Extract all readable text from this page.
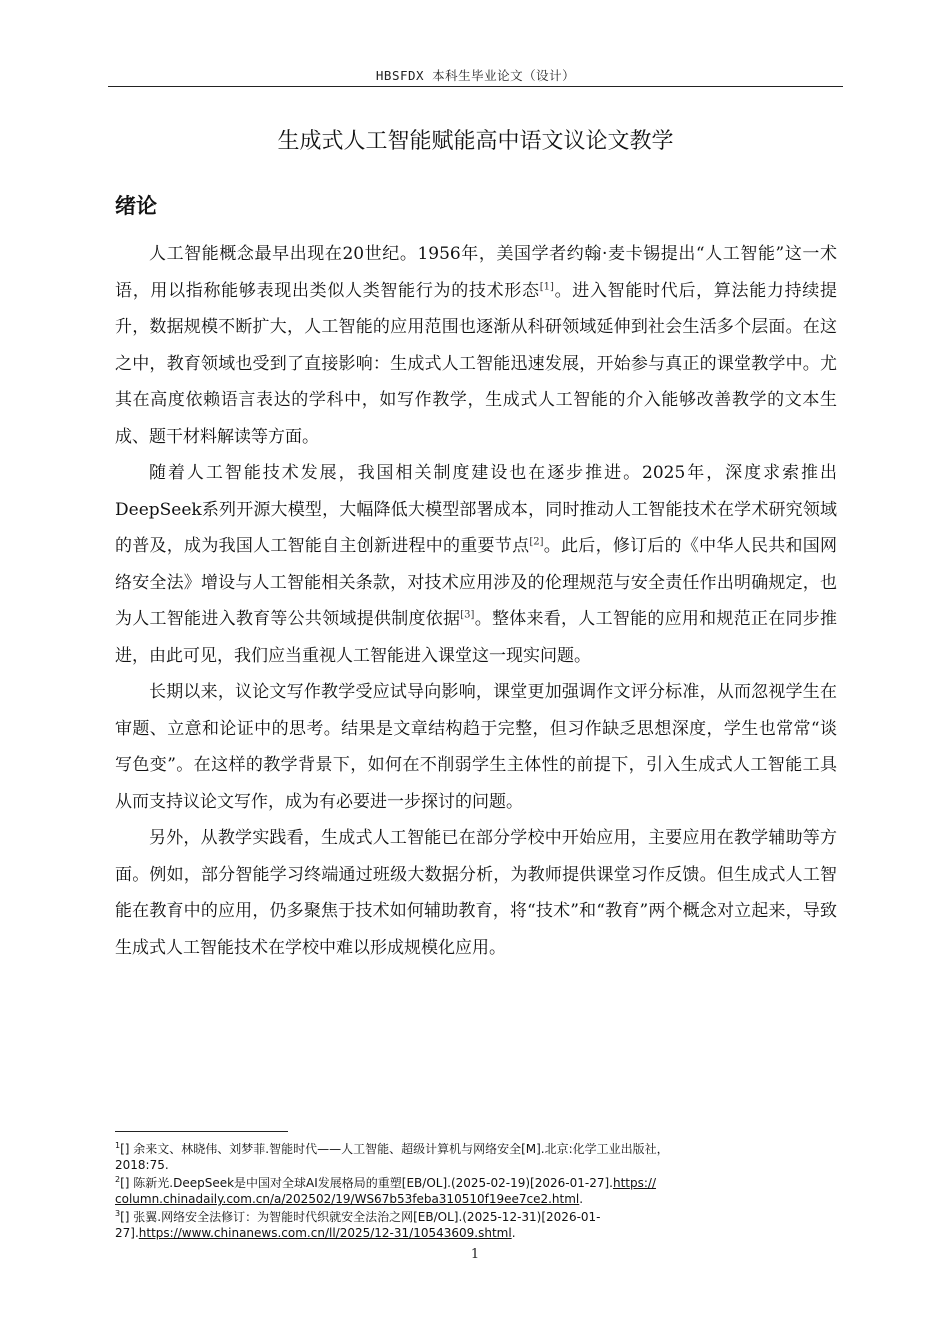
HBSFDX 本科生毕业论文（设计）
生成式人工智能赋能高中语文议论文教学
绪论

人工智能概念最早出现在20世纪。1956年，美国学者约翰·麦卡锡提出“人工智能”这一术语，用以指称能够表现出类似人类智能行为的技术形态[1]。进入智能时代后，算法能力持续提升，数据规模不断扩大，人工智能的应用范围也逐渐从科研领域延伸到社会生活多个层面。在这之中，教育领域也受到了直接影响：生成式人工智能迅速发展，开始参与真正的课堂教学中。尤其在高度依赖语言表达的学科中，如写作教学，生成式人工智能的介入能够改善教学的文本生成、题干材料解读等方面。

随着人工智能技术发展，我国相关制度建设也在逐步推进。2025年，深度求索推出DeepSeek系列开源大模型，大幅降低大模型部署成本，同时推动人工智能技术在学术研究领域的普及，成为我国人工智能自主创新进程中的重要节点[2]。此后，修订后的《中华人民共和国网络安全法》增设与人工智能相关条款，对技术应用涉及的伦理规范与安全责任作出明确规定，也为人工智能进入教育等公共领域提供制度依据[3]。整体来看，人工智能的应用和规范正在同步推进，由此可见，我们应当重视人工智能进入课堂这一现实问题。

长期以来，议论文写作教学受应试导向影响，课堂更加强调作文评分标准，从而忽视学生在审题、立意和论证中的思考。结果是文章结构趋于完整，但习作缺乏思想深度，学生也常常“谈写色变”。在这样的教学背景下，如何在不削弱学生主体性的前提下，引入生成式人工智能工具从而支持议论文写作，成为有必要进一步探讨的问题。

另外，从教学实践看，生成式人工智能已在部分学校中开始应用，主要应用在教学辅助等方面。例如，部分智能学习终端通过班级大数据分析，为教师提供课堂习作反馈。但生成式人工智能在教育中的应用，仍多聚焦于技术如何辅助教育，将“技术”和“教育”两个概念对立起来，导致生成式人工智能技术在学校中难以形成规模化应用。

$^1$[] 余来文、林晓伟、刘梦菲.智能时代——人工智能、超级计算机与网络安全[M].北京:化学工业出版社，2018:75.

$^2$[] 陈新光.DeepSeek是中国对全球AI发展格局的重塑[EB/OL].(2025-02-19)[2026-01-27].https://
column.chinadaily.com.cn/a/202502/19/WS67b53feba310510f19ee7ce2.html.

$^3$[] 张翼.网络安全法修订：为智能时代织就安全法治之网[EB/OL].(2025-12-31)[2026-01-
27].https://www.chinanews.com.cn/ll/2025/12-31/10543609.shtml.

1
